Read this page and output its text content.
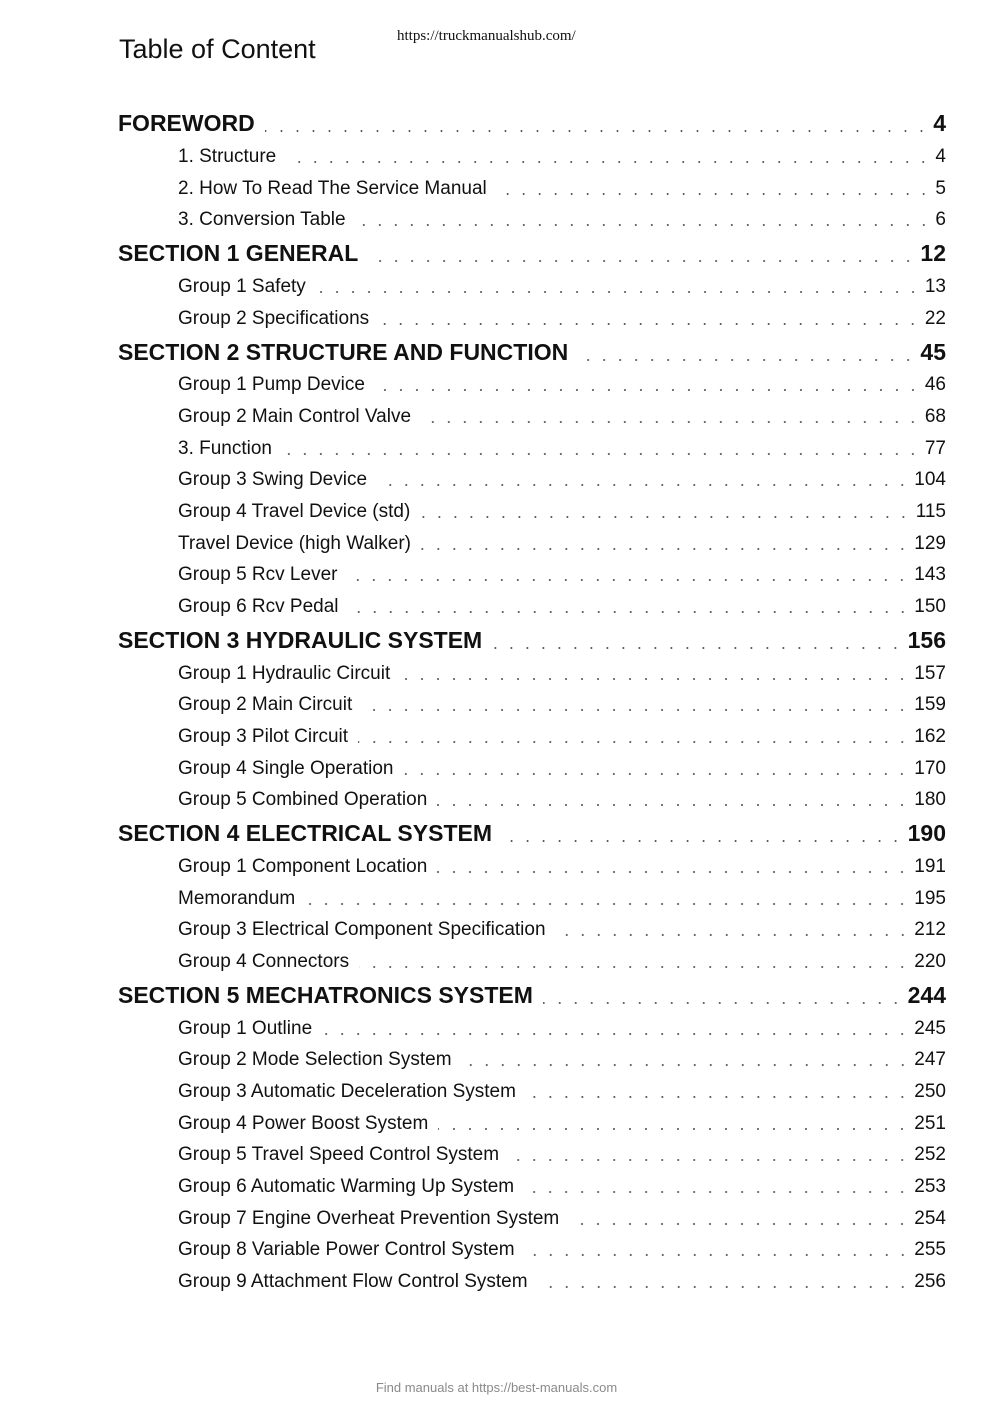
Table of Content	https://truckmanualshub.com/
FOREWORD	4
1. Structure	4
2. How To Read The Service Manual	5
3. Conversion Table	6
SECTION 1 GENERAL	12
Group 1 Safety	13
Group 2 Specifications	22
SECTION 2 STRUCTURE AND FUNCTION	45
Group 1 Pump Device	46
Group 2 Main Control Valve	68
3. Function	77
Group 3 Swing Device	104
Group 4 Travel Device (std)	115
Travel Device (high Walker)	129
Group 5 Rcv Lever	143
Group 6 Rcv Pedal	150
SECTION 3 HYDRAULIC SYSTEM	156
Group 1 Hydraulic Circuit	157
Group 2 Main Circuit	159
Group 3 Pilot Circuit	162
Group 4 Single Operation	170
Group 5 Combined Operation	180
SECTION 4 ELECTRICAL SYSTEM	190
Group 1 Component Location	191
Memorandum	195
Group 3 Electrical Component Specification	212
Group 4 Connectors	220
SECTION 5 MECHATRONICS SYSTEM	244
Group 1 Outline	245
Group 2 Mode Selection System	247
Group 3 Automatic Deceleration System	250
Group 4 Power Boost System	251
Group 5 Travel Speed Control System	252
Group 6 Automatic Warming Up System	253
Group 7 Engine Overheat Prevention System	254
Group 8 Variable Power Control System	255
Group 9 Attachment Flow Control System	256
Find manuals at https://best-manuals.com
